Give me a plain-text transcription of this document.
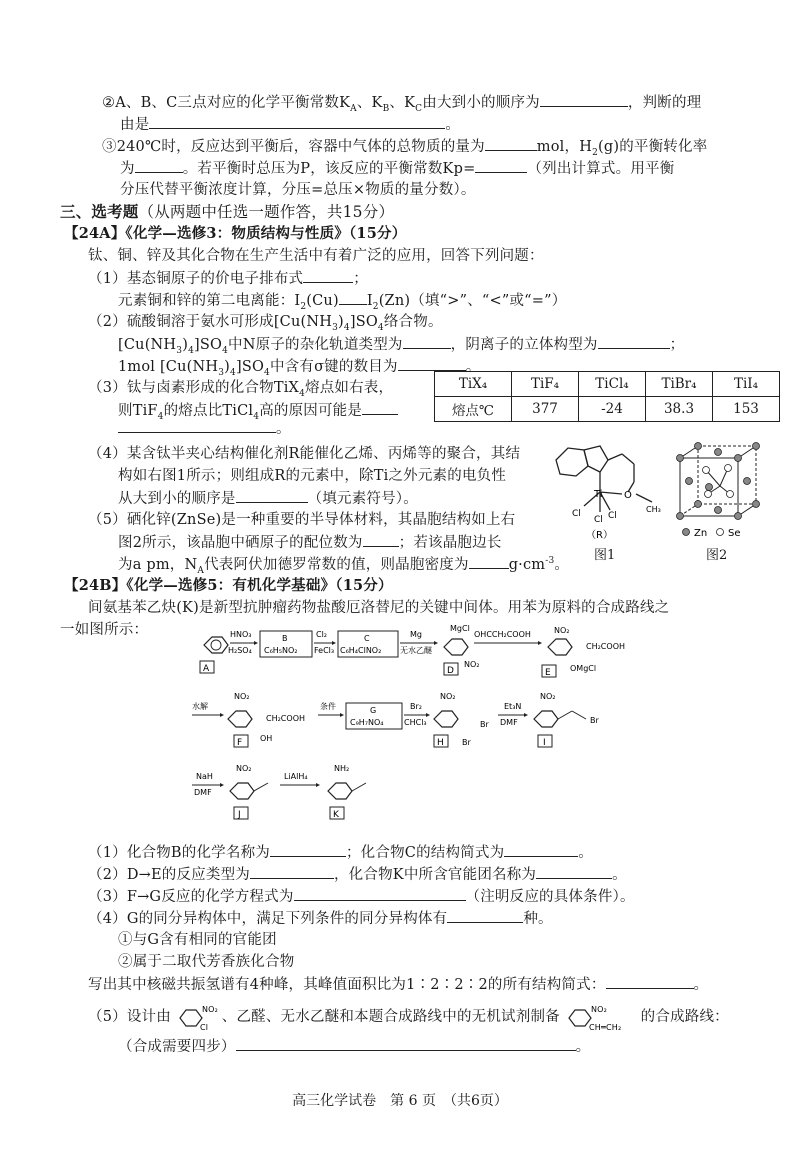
②A、B、C三点对应的化学平衡常数$K_A$、$K_B$、$K_C$由大到小的顺序为	，判断的理
由是	。
③240℃时，反应达到平衡后，容器中气体的总物质的量为	mol，$H_2(g)$的平衡转化率
为	。若平衡时总压为P，该反应的平衡常数Kp=	（列出计算式。用平衡
分压代替平衡浓度计算，分压=总压×物质的量分数）。
三、选考题（从两题中任选一题作答，共15分）
【24A】《化学—选修3：物质结构与性质》（15分）
钛、铜、锌及其化合物在生产生活中有着广泛的应用，回答下列问题：
（1）基态铜原子的价电子排布式	；
元素铜和锌的第二电离能：$I_2(Cu)$ $I_2(Zn)$（填“>”、“<”或“=”）
（2）硫酸铜溶于氨水可形成$[Cu(NH_3)_4]SO_4$络合物。
$[Cu(NH_3)_4]SO_4$中N原子的杂化轨道类型为	，阴离子的立体构型为	；
1mol $[Cu(NH_3)_4]SO_4$中含有σ键的数目为	。
（3）钛与卤素形成的化合物TiX$_4$熔点如右表，
则TiF$_4$的熔点比TiCl$_4$高的原因可能是
。
TiX₄	TiF₄	TiCl₄	TiBr₄	TiI₄
熔点℃	377	-24	38.3	153
（4）某含钛半夹心结构催化剂R能催化乙烯、丙烯等的聚合，其结
构如右图1所示；则组成R的元素中，除Ti之外元素的电负性
从大到小的顺序是	（填元素符号）。
（5）硒化锌(ZnSe)是一种重要的半导体材料，其晶胞结构如上右
图2所示，该晶胞中硒原子的配位数为 ；若该晶胞边长
为a pm，$N_A$代表阿伏加德罗常数的值，则晶胞密度为	$g\cdot cm^{-3}$。
Ti O
Cl
Cl Cl
CH₃
（R）
图1
Zn Se
图2
【24B】《化学—选修5：有机化学基础》（15分）
间氨基苯乙炔(K)是新型抗肿瘤药物盐酸厄洛替尼的关键中间体。用苯为原料的合成路线之
一如图所示：
A
HNO₃
H₂SO₄
B
C₆H₅NO₂
Cl₂
FeCl₃
C
C₆H₄ClNO₂
Mg
无水乙醚
MgCl
NO₂
D
OHCCH₂COOH	NO₂
CH₂COOH
OMgCl
E
水解
NO₂
CH₂COOH
OH
F
条件	G
C₉H₇NO₄
Br₂
CHCl₃
NO₂
Br
Br
H
Et₃N
DMF
NO₂
Br
I
NaH
DMF
NO₂
J
LiAlH₄
NH₂
K
（1）化合物B的化学名称为	；化合物C的结构简式为	。
（2）D→E的反应类型为	，化合物K中所含官能团名称为	。
（3）F→G反应的化学方程式为	（注明反应的具体条件）。
（4）G的同分异构体中，满足下列条件的同分异构体有	种。
①与G含有相同的官能团
②属于二取代芳香族化合物
写出其中核磁共振氢谱有4种峰，其峰值面积比为1∶2∶2∶2的所有结构简式：	。
（5）设计由	NO₂
Cl
、乙醛、无水乙醚和本题合成路线中的无机试剂制备	NO₂
CH═CH₂
的合成路线：
（合成需要四步）	。
高三化学试卷　第 6 页　（共6页）
